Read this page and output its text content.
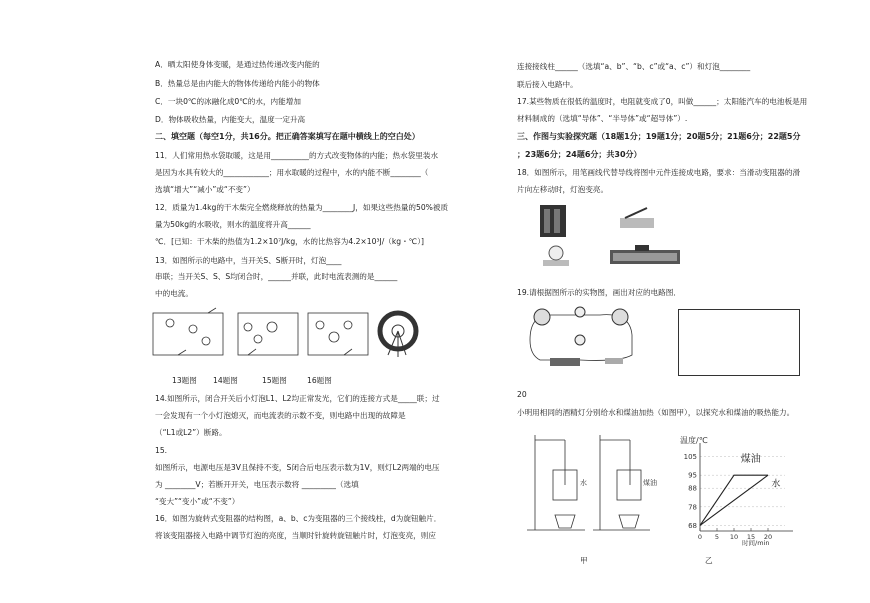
A．晒太阳使身体变暖，是通过热传递改变内能的
B．热量总是由内能大的物体传递给内能小的物体
C．一块0℃的冰融化成0℃的水，内能增加
D．物体吸收热量，内能变大，温度一定升高
二、填空题（每空1分，共16分。把正确答案填写在题中横线上的空白处）
11．人们常用热水袋取暖，这是用__________的方式改变物体的内能；热水袋里装水
是因为水具有较大的____________；用水取暖的过程中，水的内能不断________（
选填“增大”“减小”或“不变”）
12．质量为1.4kg的干木柴完全燃烧释放的热量为________J，如果这些热量的50%被质
量为50kg的水吸收，则水的温度将升高______
℃．[已知：干木柴的热值为1.2×10⁷J/kg，水的比热容为4.2×10³J/（kg・℃）]
13．如图所示的电路中，当开关S、S断开时，灯泡____
串联；当开关S、S、S均闭合时，______并联，此时电流表测的是______
中的电流。
13题图 14题图	15题图	16题图
14.如图所示，闭合开关后小灯泡L1、L2均正常发光，它们的连接方式是_____联；过
一会发现有一个小灯泡熄灭，而电流表的示数不变，则电路中出现的故障是
（“L1或L2”）断路。
15.
如图所示，电源电压是3V且保持不变，S闭合后电压表示数为1V，则灯L2两端的电压
为 ________V；若断开开关，电压表示数将 _________（选填
“变大”“变小”或“不变”）
16．如图为旋转式变阻器的结构图，a、b、c为变阻器的三个接线柱，d为旋钮触片．
将该变阻器接入电路中调节灯泡的亮度，当顺时针旋转旋钮触片时，灯泡变亮，则应
连接接线柱______（选填“a、b”、“b、c”或“a、c”）和灯泡________
联后接入电路中。
17.某些物质在很低的温度时，电阻就变成了0，叫做______；太阳能汽车的电池板是用
材料制成的（选填“导体”、“半导体”或“超导体”）.
三、作图与实验探究题（18题1分；19题1分；20题5分；21题6分；22题5分
；23题6分；24题6分；共30分）
18．如图所示，用笔画线代替导线将图中元件连接成电路，要求：当滑动变阻器的滑
片向左移动时，灯泡变亮。
19.请根据图所示的实物图，画出对应的电路图．
20
小明用相同的酒精灯分别给水和煤油加热（如图甲），以探究水和煤油的吸热能力。
水	煤油
甲
温度/℃
68
78
88
95
105
0 5 10 15 20
煤油
水
时间/min
乙
